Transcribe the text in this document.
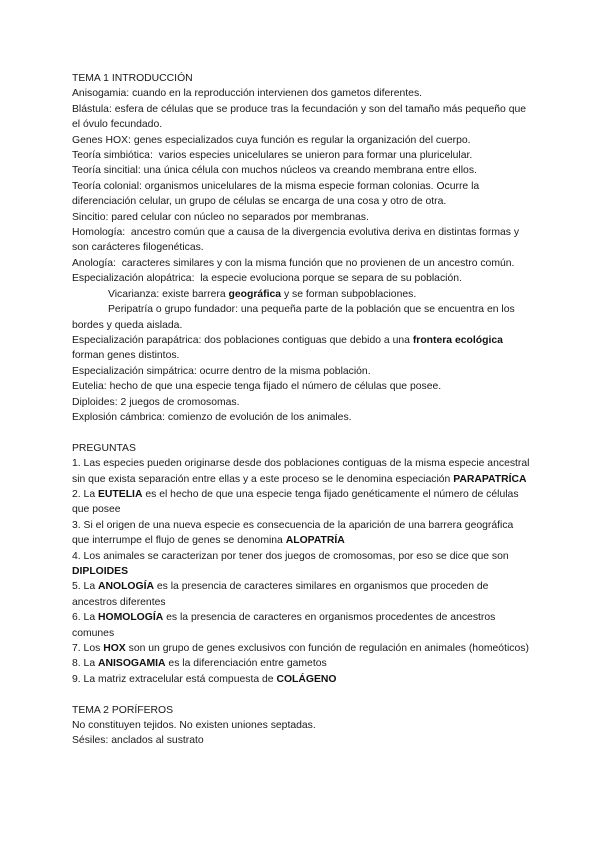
TEMA 1 INTRODUCCIÓN
Anisogamia: cuando en la reproducción intervienen dos gametos diferentes.
Blástula: esfera de células que se produce tras la fecundación y son del tamaño más pequeño que el óvulo fecundado.
Genes HOX: genes especializados cuya función es regular la organización del cuerpo.
Teoría simbiótica:  varios especies unicelulares se unieron para formar una pluricelular.
Teoría sincitial: una única célula con muchos núcleos va creando membrana entre ellos.
Teoría colonial: organismos unicelulares de la misma especie forman colonias. Ocurre la diferenciación celular, un grupo de células se encarga de una cosa y otro de otra.
Sincitio: pared celular con núcleo no separados por membranas.
Homología:  ancestro común que a causa de la divergencia evolutiva deriva en distintas formas y son carácteres filogenéticas.
Anología:  caracteres similares y con la misma función que no provienen de un ancestro común.
Especialización alopátrica:  la especie evoluciona porque se separa de su población.
Vicarianza: existe barrera geográfica y se forman subpoblaciones.
Peripatría o grupo fundador: una pequeña parte de la población que se encuentra en los bordes y queda aislada.
Especialización parapátrica: dos poblaciones contiguas que debido a una frontera ecológica forman genes distintos.
Especialización simpátrica: ocurre dentro de la misma población.
Eutelia: hecho de que una especie tenga fijado el número de células que posee.
Diploides: 2 juegos de cromosomas.
Explosión cámbrica: comienzo de evolución de los animales.
PREGUNTAS
1. Las especies pueden originarse desde dos poblaciones contiguas de la misma especie ancestral sin que exista separación entre ellas y a este proceso se le denomina especiación PARAPATRÍCA
2. La EUTELIA es el hecho de que una especie tenga fijado genéticamente el número de células que posee
3. Si el origen de una nueva especie es consecuencia de la aparición de una barrera geográfica que interrumpe el flujo de genes se denomina ALOPATRÍA
4. Los animales se caracterizan por tener dos juegos de cromosomas, por eso se dice que son DIPLOIDES
5. La ANOLOGÍA es la presencia de caracteres similares en organismos que proceden de ancestros diferentes
6. La HOMOLOGÍA es la presencia de caracteres en organismos procedentes de ancestros comunes
7. Los HOX son un grupo de genes exclusivos con función de regulación en animales (homeóticos)
8. La ANISOGAMIA es la diferenciación entre gametos
9. La matriz extracelular está compuesta de COLÁGENO
TEMA 2 PORÍFEROS
No constituyen tejidos. No existen uniones septadas.
Sésiles: anclados al sustrato
